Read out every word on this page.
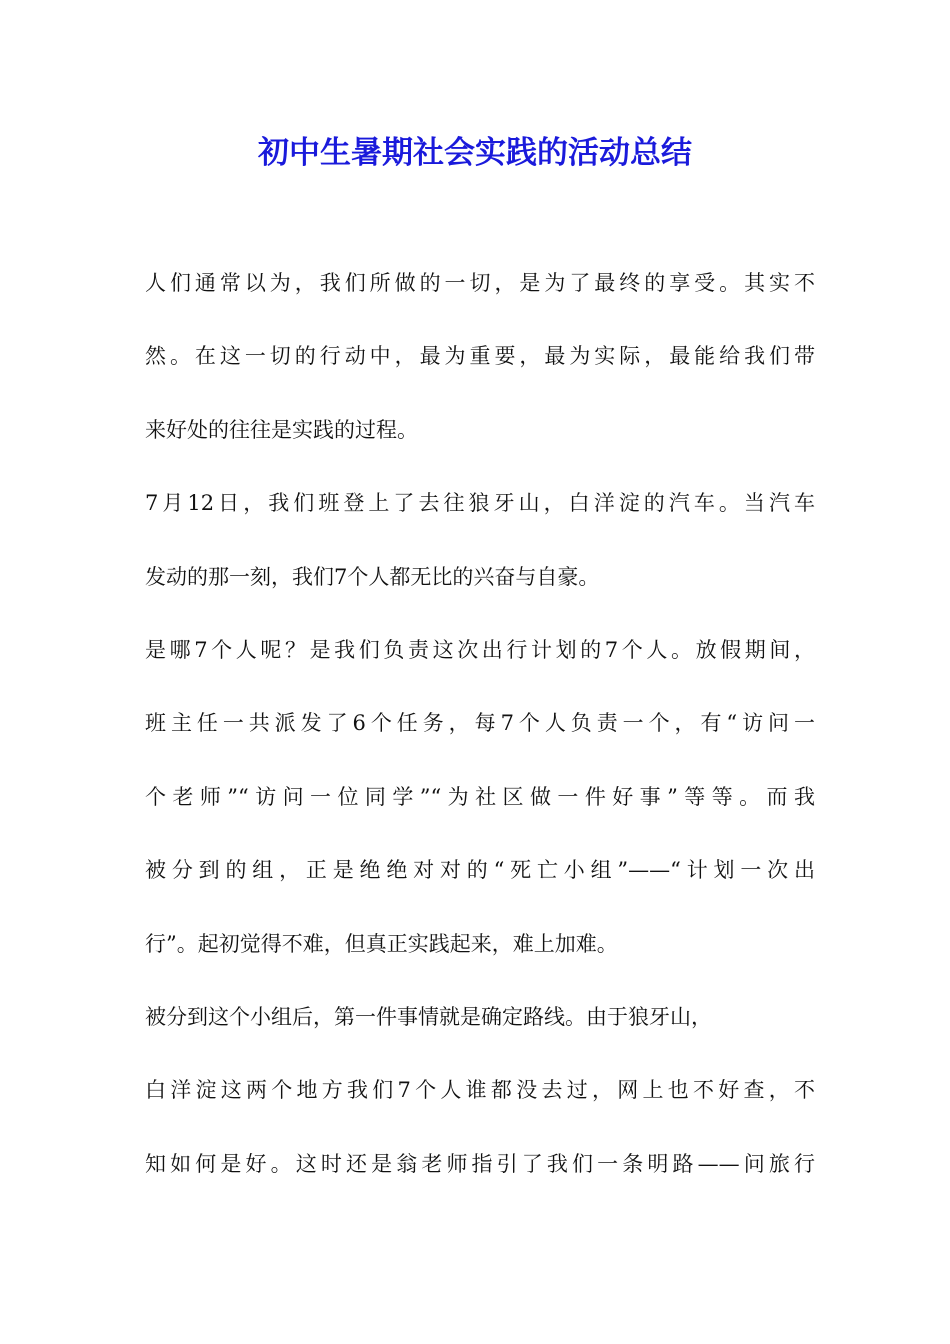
初中生暑期社会实践的活动总结
人们通常以为，我们所做的一切，是为了最终的享受。其实不
然。在这一切的行动中，最为重要，最为实际，最能给我们带
来好处的往往是实践的过程。
7月12日，我们班登上了去往狼牙山，白洋淀的汽车。当汽车
发动的那一刻，我们7个人都无比的兴奋与自豪。
是哪7个人呢？是我们负责这次出行计划的7个人。放假期间，
班主任一共派发了6个任务，每7个人负责一个，有“访问一
个老师”“访问一位同学”“为社区做一件好事”等等。而我
被分到的组，正是绝绝对对的“死亡小组”——“计划一次出
行”。起初觉得不难，但真正实践起来，难上加难。
被分到这个小组后，第一件事情就是确定路线。由于狼牙山，
白洋淀这两个地方我们7个人谁都没去过，网上也不好查，不
知如何是好。这时还是翁老师指引了我们一条明路——问旅行
